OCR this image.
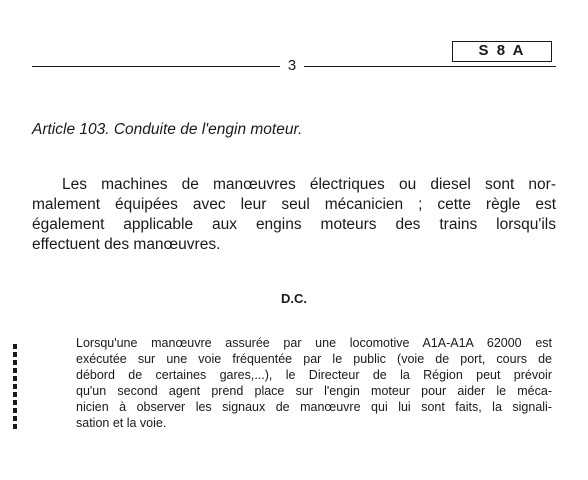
3
S 8 A
Article 103. Conduite de l'engin moteur.
Les machines de manœuvres électriques ou diesel sont nor-
malement équipées avec leur seul mécanicien ; cette règle est
également applicable aux engins moteurs des trains lorsqu'ils
effectuent des manœuvres.
D.C.
Lorsqu'une manœuvre assurée par une locomotive A1A-A1A 62000 est
exécutée sur une voie fréquentée par le public (voie de port, cours de
débord de certaines gares,...), le Directeur de la Région peut prévoir
qu'un second agent prend place sur l'engin moteur pour aider le méca-
nicien à observer les signaux de manœuvre qui lui sont faits, la signali-
sation et la voie.
